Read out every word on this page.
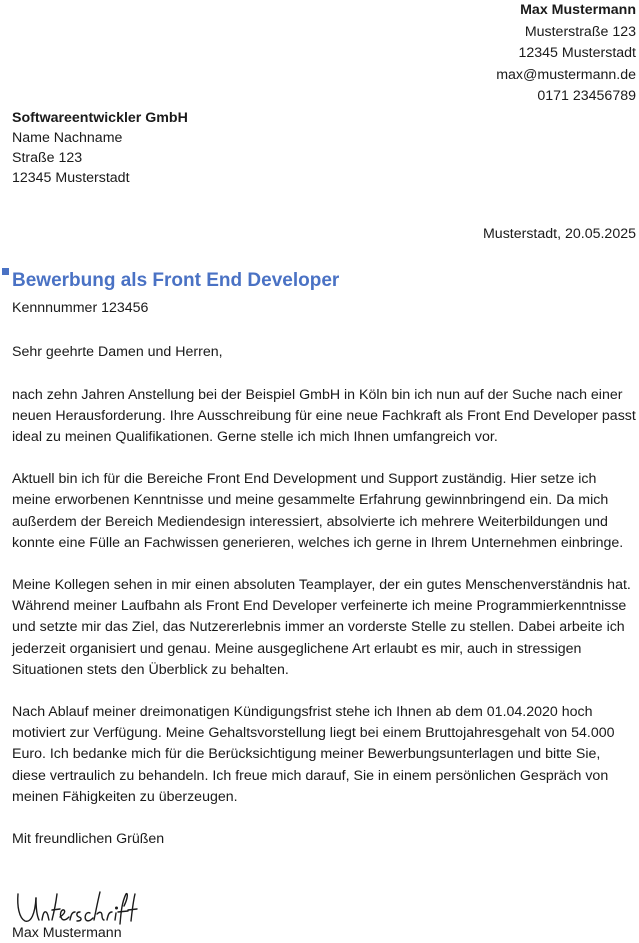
Max Mustermann
Musterstraße 123
12345 Musterstadt
max@mustermann.de
0171 23456789
Softwareentwickler GmbH
Name Nachname
Straße 123
12345 Musterstadt
Musterstadt, 20.05.2025
Bewerbung als Front End Developer
Kennnummer 123456

Sehr geehrte Damen und Herren,

nach zehn Jahren Anstellung bei der Beispiel GmbH in Köln bin ich nun auf der Suche nach einer neuen Herausforderung. Ihre Ausschreibung für eine neue Fachkraft als Front End Developer passt ideal zu meinen Qualifikationen. Gerne stelle ich mich Ihnen umfangreich vor.

Aktuell bin ich für die Bereiche Front End Development und Support zuständig. Hier setze ich meine erworbenen Kenntnisse und meine gesammelte Erfahrung gewinnbringend ein. Da mich außerdem der Bereich Mediendesign interessiert, absolvierte ich mehrere Weiterbildungen und konnte eine Fülle an Fachwissen generieren, welches ich gerne in Ihrem Unternehmen einbringe.

Meine Kollegen sehen in mir einen absoluten Teamplayer, der ein gutes Menschenverständnis hat. Während meiner Laufbahn als Front End Developer verfeinerte ich meine Programmierkenntnisse und setzte mir das Ziel, das Nutzererlebnis immer an vorderste Stelle zu stellen. Dabei arbeite ich jederzeit organisiert und genau. Meine ausgeglichene Art erlaubt es mir, auch in stressigen Situationen stets den Überblick zu behalten.

Nach Ablauf meiner dreimonatigen Kündigungsfrist stehe ich Ihnen ab dem 01.04.2020 hoch motiviert zur Verfügung. Meine Gehaltsvorstellung liegt bei einem Bruttojahresgehalt von 54.000 Euro. Ich bedanke mich für die Berücksichtigung meiner Bewerbungsunterlagen und bitte Sie, diese vertraulich zu behandeln. Ich freue mich darauf, Sie in einem persönlichen Gespräch von meinen Fähigkeiten zu überzeugen.

Mit freundlichen Grüßen

Max Mustermann
